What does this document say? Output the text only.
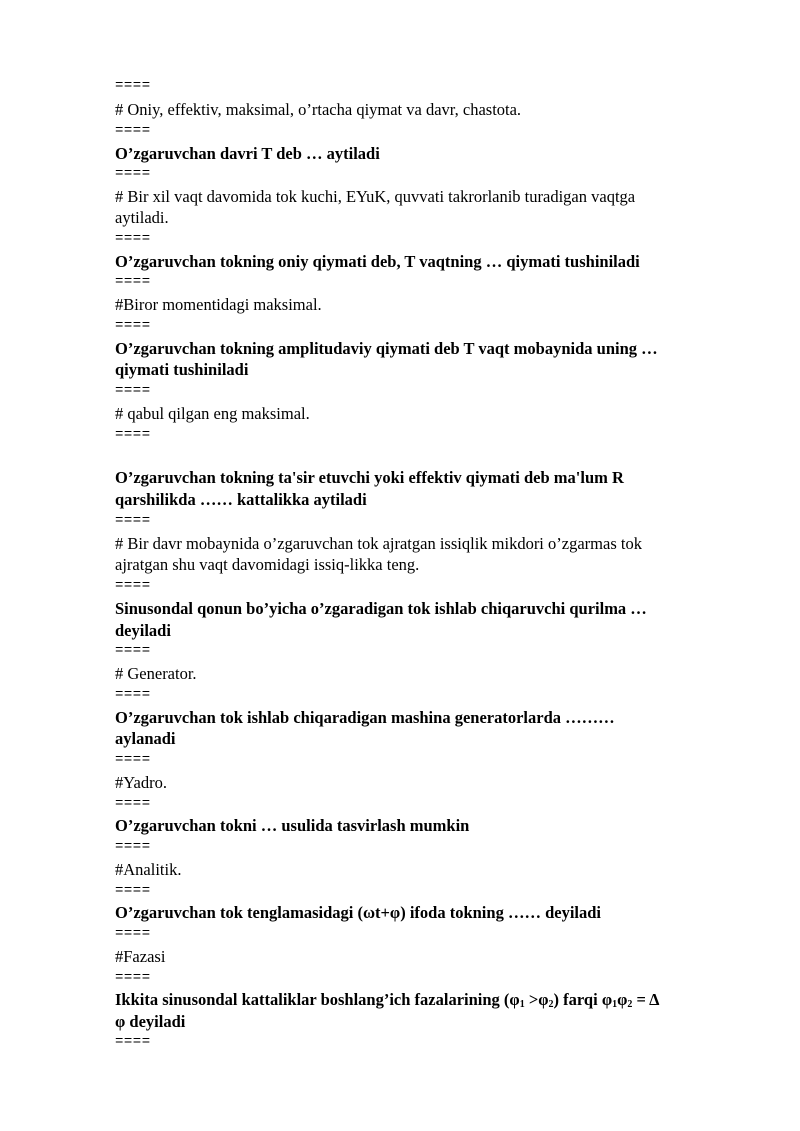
====
# Oniy, effektiv, maksimal, o’rtacha qiymat va davr, chastota.
====
O’zgaruvchan davri T deb … aytiladi
====
# Bir xil vaqt davomida tok kuchi, EYuK, quvvati takrorlanib turadigan vaqtga
aytiladi.
====
O’zgaruvchan tokning oniy qiymati deb, T vaqtning … qiymati tushiniladi
====
#Biror momentidagi maksimal.
====
O’zgaruvchan tokning amplitudaviy qiymati deb T vaqt mobaynida uning …
qiymati tushiniladi
====
# qabul qilgan eng maksimal.
====
O’zgaruvchan tokning ta'sir etuvchi yoki effektiv qiymati deb ma'lum R
qarshilikda …… kattalikka aytiladi
====
# Bir davr mobaynida o’zgaruvchan tok ajratgan issiqlik mikdori o’zgarmas tok
ajratgan shu vaqt davomidagi issiq-likka teng.
====
Sinusondal qonun bo’yicha o’zgaradigan tok ishlab chiqaruvchi qurilma …
deyiladi
====
# Generator.
====
O’zgaruvchan tok ishlab chiqaradigan mashina generatorlarda ………
aylanadi
====
#Yadro.
====
O’zgaruvchan tokni … usulida tasvirlash mumkin
====
#Analitik.
====
O’zgaruvchan tok tenglamasidagi (ωt+φ) ifoda tokning …… deyiladi
====
#Fazasi
====
Ikkita sinusondal kattaliklar boshlang’ich fazalarining $(\varphi_1 >\varphi_2)$ farqi $\varphi_1\varphi_2 = \Delta$
φ deyiladi
====
